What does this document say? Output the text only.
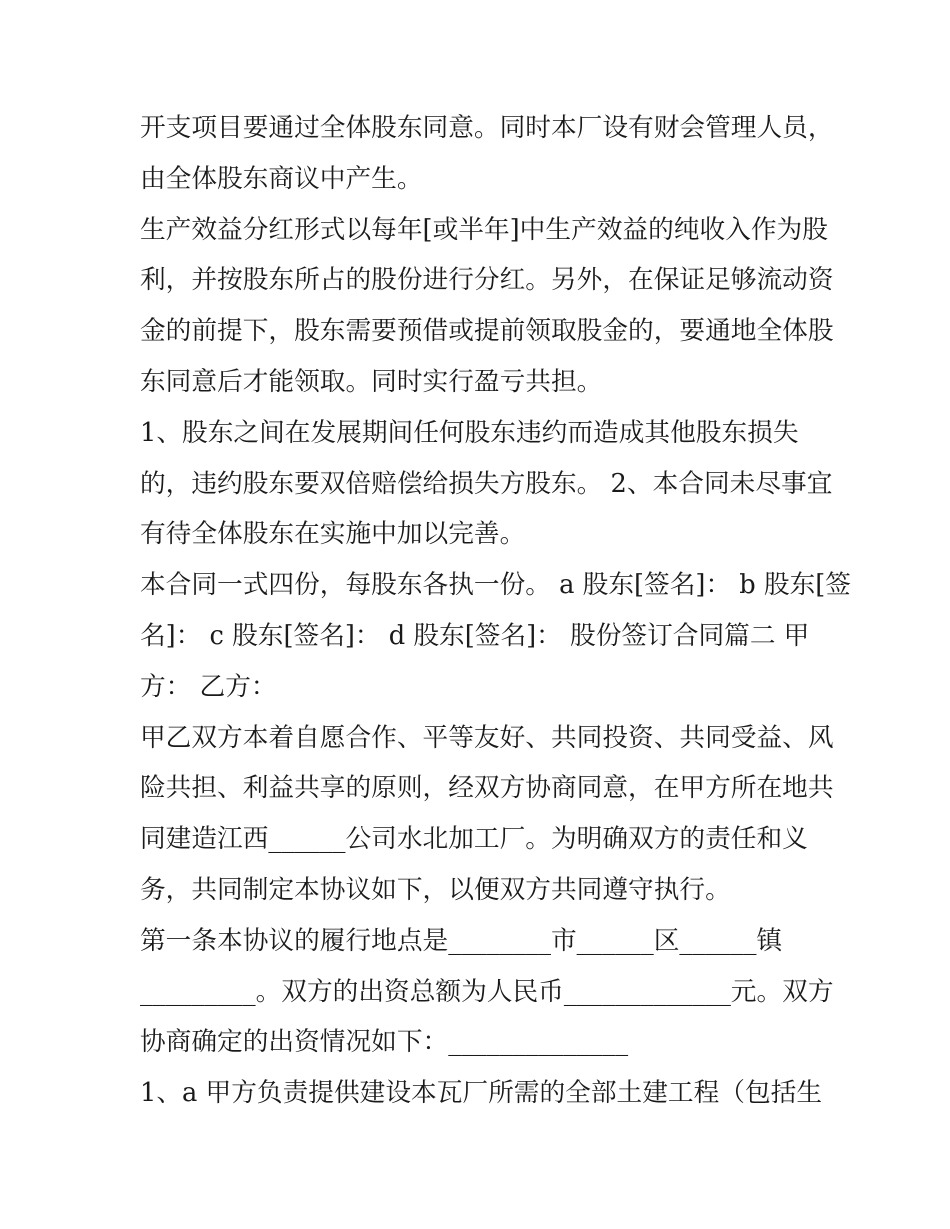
开支项目要通过全体股东同意。同时本厂设有财会管理人员，
由全体股东商议中产生。
生产效益分红形式以每年[或半年]中生产效益的纯收入作为股
利，并按股东所占的股份进行分红。另外，在保证足够流动资
金的前提下，股东需要预借或提前领取股金的，要通地全体股
东同意后才能领取。同时实行盈亏共担。
1、股东之间在发展期间任何股东违约而造成其他股东损失
的，违约股东要双倍赔偿给损失方股东。 2、本合同未尽事宜
有待全体股东在实施中加以完善。
本合同一式四份，每股东各执一份。 a 股东[签名]： b 股东[签
名]： c 股东[签名]： d 股东[签名]： 股份签订合同篇二 甲
方： 乙方：
甲乙双方本着自愿合作、平等友好、共同投资、共同受益、风
险共担、利益共享的原则，经双方协商同意，在甲方所在地共
同建造江西______公司水北加工厂。为明确双方的责任和义
务，共同制定本协议如下，以便双方共同遵守执行。
第一条本协议的履行地点是________市______区______镇
_________。双方的出资总额为人民币_____________元。双方
协商确定的出资情况如下：______________
1、a 甲方负责提供建设本瓦厂所需的全部土建工程（包括生
